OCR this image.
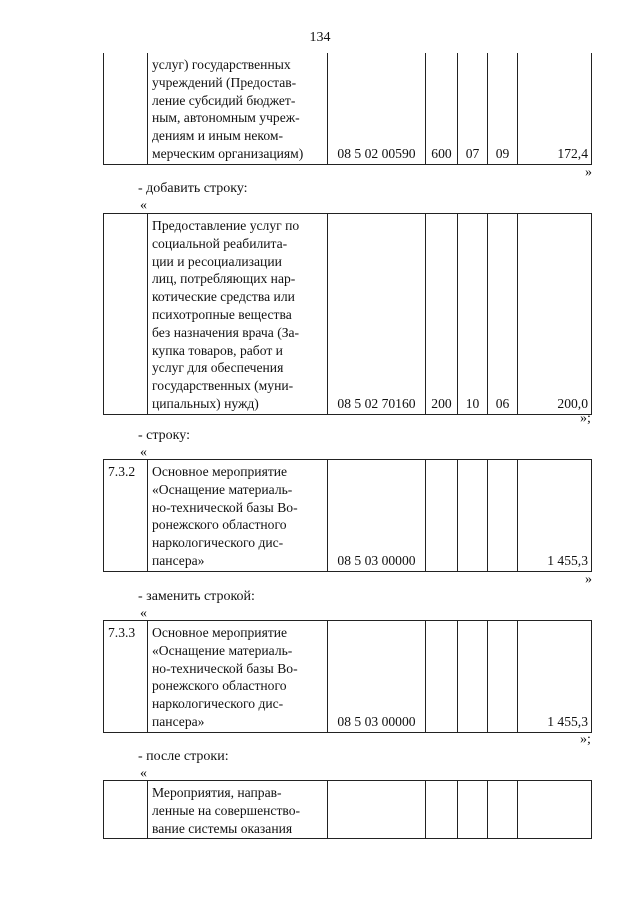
134
	услуг) государственных
учреждений (Предостав-
ление субсидий бюджет-
ным, автономным учреж-
дениям и иным неком-
мерческим организациям)	08 5 02 00590	600	07	09	172,4
»
- добавить строку:
«
	Предоставление услуг по
социальной реабилита-
ции и ресоциализации
лиц, потребляющих нар-
котические средства или
психотропные вещества
без назначения врача (За-
купка товаров, работ и
услуг для обеспечения
государственных (муни-
ципальных) нужд)	08 5 02 70160	200	10	06	200,0
»;
- строку:
«
7.3.2	Основное мероприятие
«Оснащение материаль-
но-технической базы Во-
ронежского областного
наркологического дис-
пансера»	08 5 03 00000				1 455,3
»
- заменить строкой:
«
7.3.3	Основное мероприятие
«Оснащение материаль-
но-технической базы Во-
ронежского областного
наркологического дис-
пансера»	08 5 03 00000				1 455,3
»;
- после строки:
«
	Мероприятия, направ-
ленные на совершенство-
вание системы оказания					
